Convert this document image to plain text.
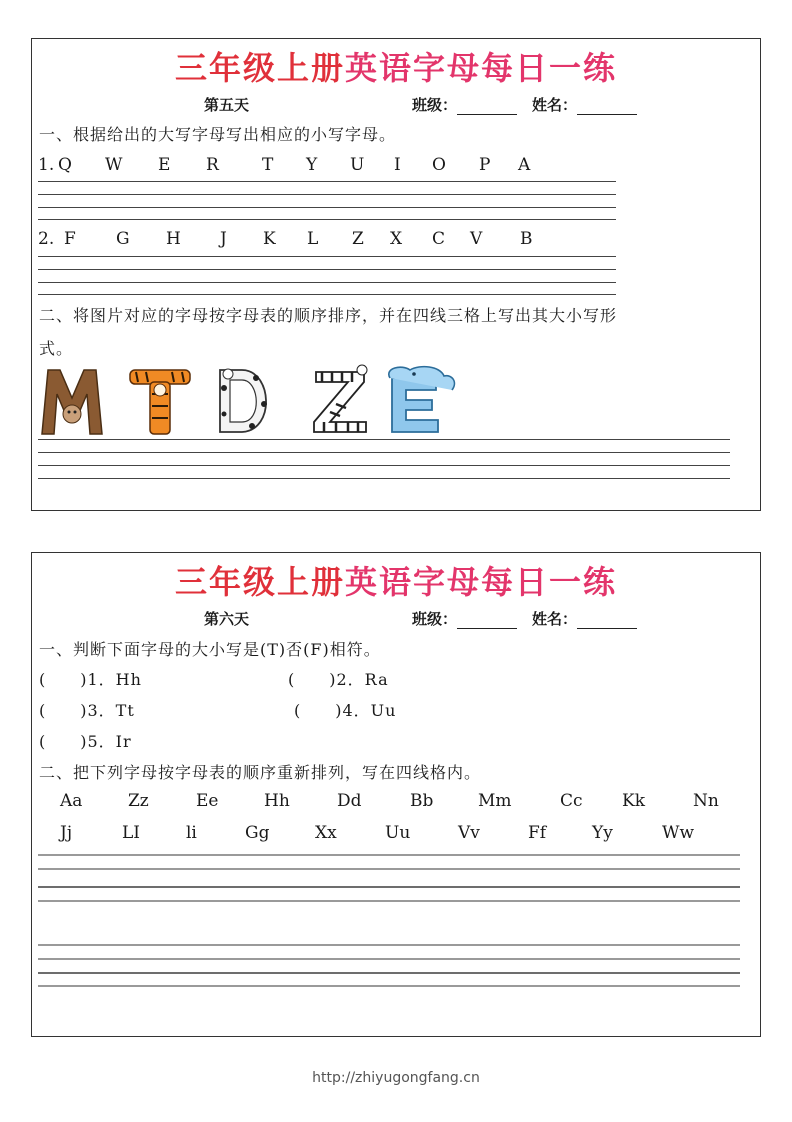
三年级上册英语字母每日一练
第五天	班级：	姓名：
一、根据给出的大写字母写出相应的小写字母。
1. Q W E R	T Y U I O P A
2. F G H J K L Z X C V B
二、将图片对应的字母按字母表的顺序排序，并在四线三格上写出其大小写形
式。
三年级上册英语字母每日一练
第六天	班级：	姓名：
一、判断下面字母的大小写是(T)否(F)相符。
(　　)1．Hh	(　　)2．Ra
(　　)3．Tt	(　　)4．Uu
(　　)5．Ir
二、把下列字母按字母表的顺序重新排列，写在四线格内。
Aa	Zz	Ee	Hh	Dd	Bb	Mm	Cc Kk	Nn
Jj	LI	li	Gg	Xx	Uu	Vv	Ff	Yy	Ww
http://zhiyugongfang.cn
